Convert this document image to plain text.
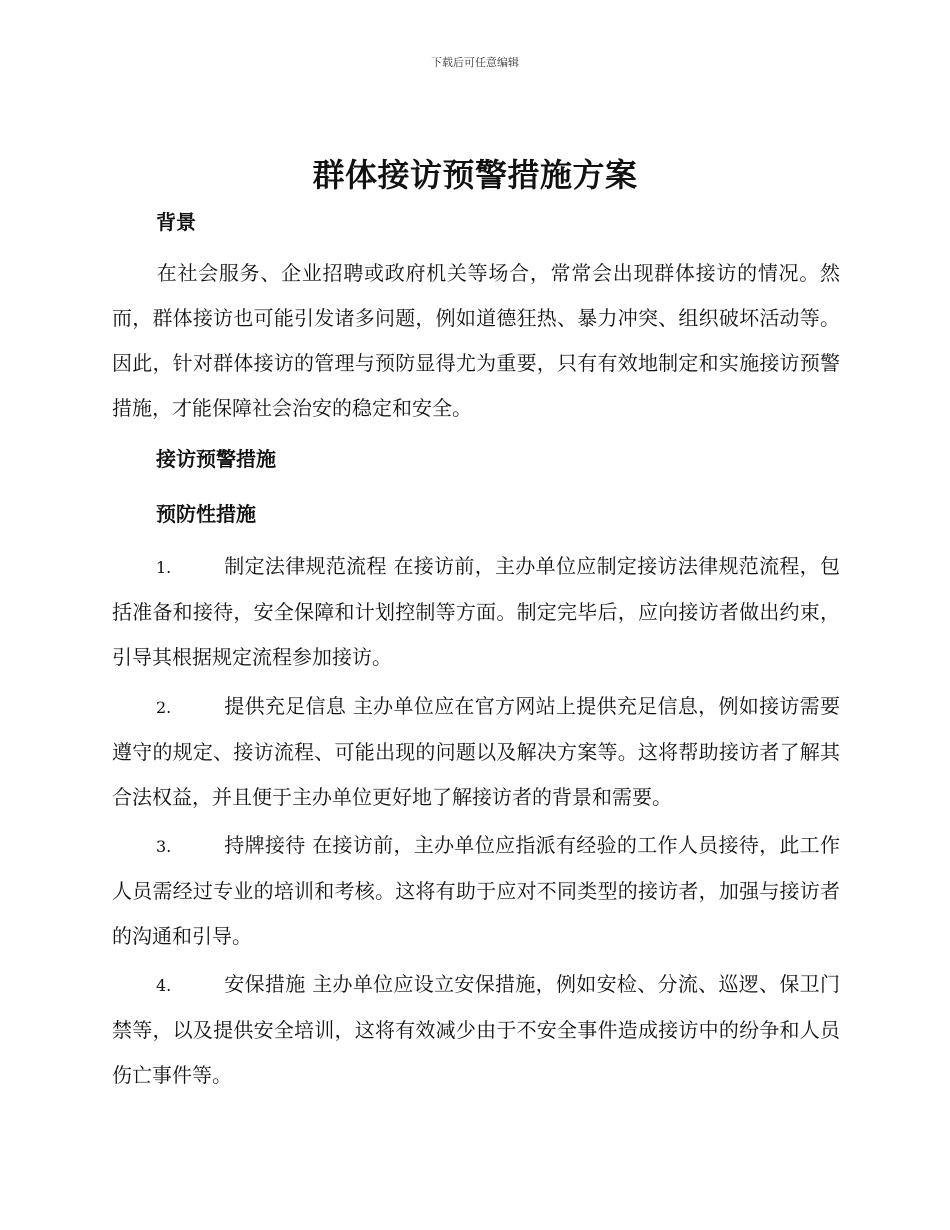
下载后可任意编辑
群体接访预警措施方案
背景
在社会服务、企业招聘或政府机关等场合，常常会出现群体接访的情况。然而，群体接访也可能引发诸多问题，例如道德狂热、暴力冲突、组织破坏活动等。因此，针对群体接访的管理与预防显得尤为重要，只有有效地制定和实施接访预警措施，才能保障社会治安的稳定和安全。
接访预警措施
预防性措施
1.	制定法律规范流程 在接访前，主办单位应制定接访法律规范流程，包括准备和接待，安全保障和计划控制等方面。制定完毕后，应向接访者做出约束，引导其根据规定流程参加接访。
2.	提供充足信息 主办单位应在官方网站上提供充足信息，例如接访需要遵守的规定、接访流程、可能出现的问题以及解决方案等。这将帮助接访者了解其合法权益，并且便于主办单位更好地了解接访者的背景和需要。
3.	持牌接待 在接访前，主办单位应指派有经验的工作人员接待，此工作人员需经过专业的培训和考核。这将有助于应对不同类型的接访者，加强与接访者的沟通和引导。
4.	安保措施 主办单位应设立安保措施，例如安检、分流、巡逻、保卫门禁等，以及提供安全培训，这将有效减少由于不安全事件造成接访中的纷争和人员伤亡事件等。
